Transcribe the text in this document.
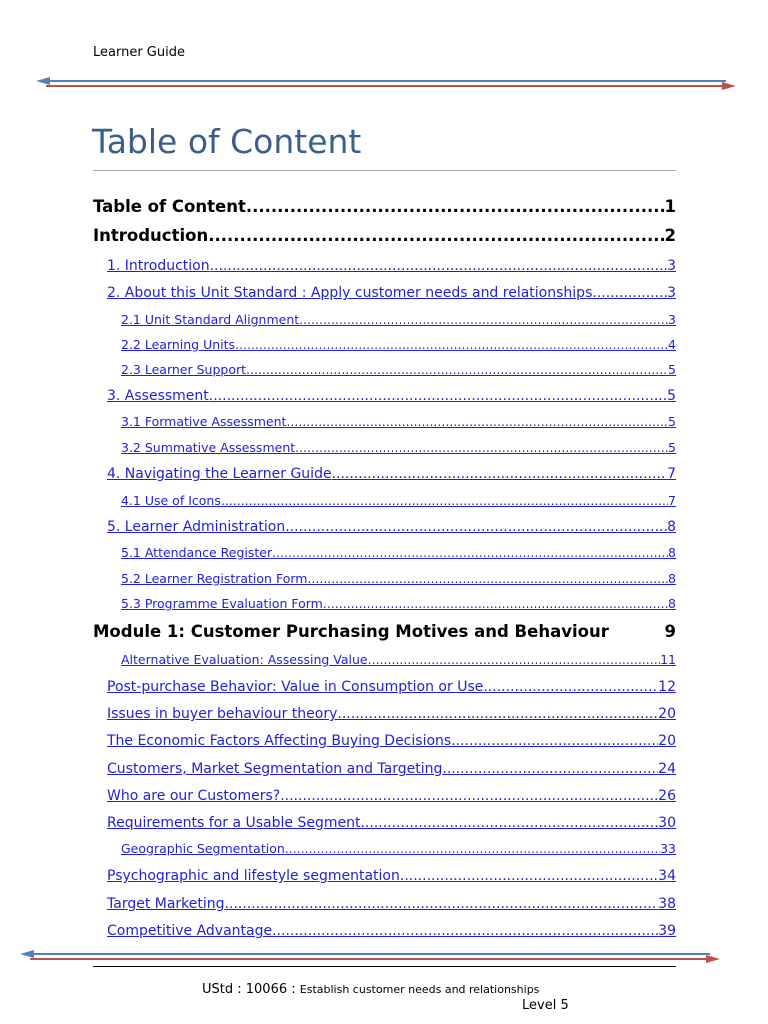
Learner Guide
Table of Content
Table of Content .....	1
Introduction .....	2
1. Introduction .....	3
2. About this Unit Standard : Apply customer needs and relationships .....	3
2.1 Unit Standard Alignment .....	3
2.2 Learning Units .....	4
2.3 Learner Support .....	5
3. Assessment .....	5
3.1 Formative Assessment .....	5
3.2 Summative Assessment .....	5
4. Navigating the Learner Guide .....	7
4.1 Use of Icons .....	7
5. Learner Administration .....	8
5.1 Attendance Register .....	8
5.2 Learner Registration Form .....	8
5.3 Programme Evaluation Form .....	8
Module 1: Customer Purchasing Motives and Behaviour	9
Alternative Evaluation: Assessing Value .....	11
Post-purchase Behavior: Value in Consumption or Use .....	12
Issues in buyer behaviour theory .....	20
The Economic Factors Affecting Buying Decisions .....	20
Customers, Market Segmentation and Targeting .....	24
Who are our Customers? .....	26
Requirements for a Usable Segment .....	30
Geographic Segmentation .....	33
Psychographic and lifestyle segmentation .....	34
Target Marketing .....	38
Competitive Advantage .....	39
UStd : 10066 : Establish customer needs and relationships
Level 5
